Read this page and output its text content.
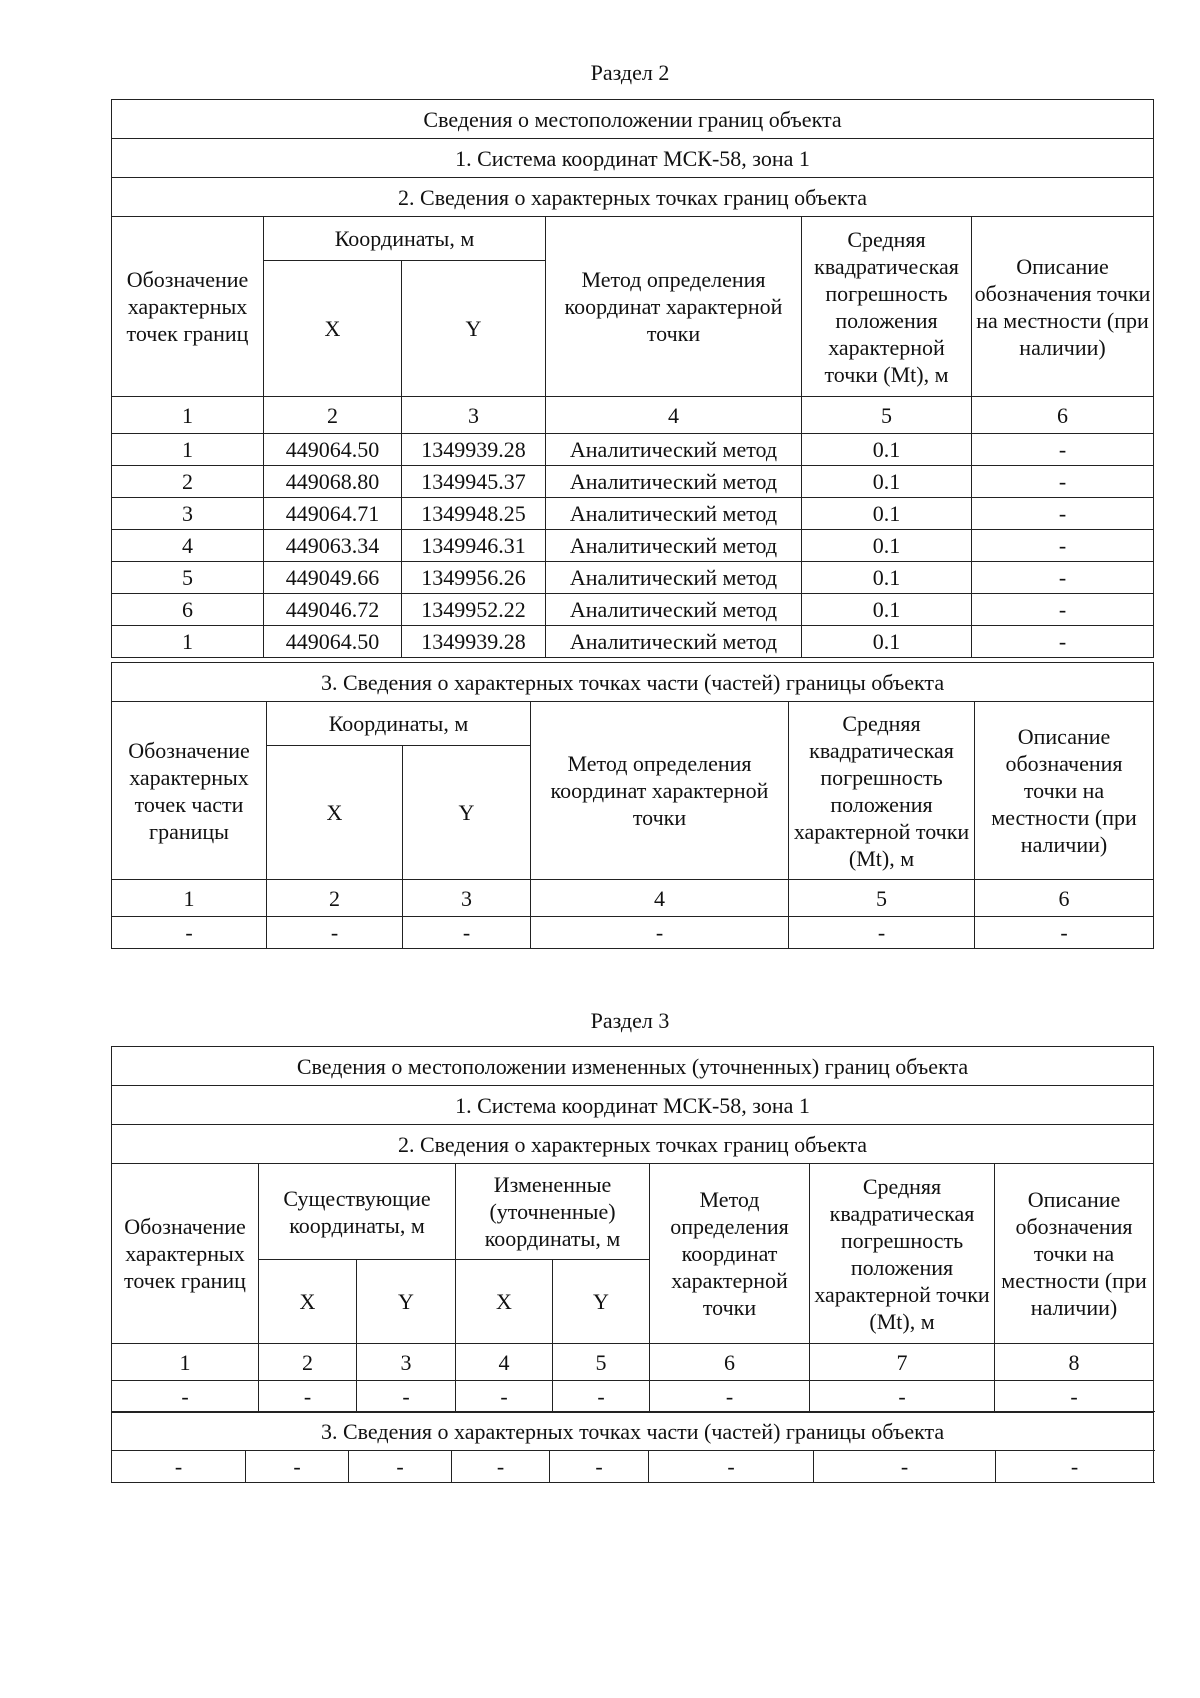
Раздел 2
Сведения о местоположении границ объекта					
1. Система координат МСК-58, зона 1					
2. Сведения о характерных точках границ объекта					
Обозначение характерных точек границ	Координаты, м		Метод определения координат характерной точки	Средняя квадратическая погрешность положения характерной точки (Mt), м	Описание обозначения точки на местности (при наличии)
	X	Y			
1	2	3	4	5	6
1	449064.50	1349939.28	Аналитический метод	0.1	-
2	449068.80	1349945.37	Аналитический метод	0.1	-
3	449064.71	1349948.25	Аналитический метод	0.1	-
4	449063.34	1349946.31	Аналитический метод	0.1	-
5	449049.66	1349956.26	Аналитический метод	0.1	-
6	449046.72	1349952.22	Аналитический метод	0.1	-
1	449064.50	1349939.28	Аналитический метод	0.1	-
3. Сведения о характерных точках части (частей) границы объекта					
Обозначение характерных точек части границы	Координаты, м		Метод определения координат характерной точки	Средняя квадратическая погрешность положения характерной точки (Mt), м	Описание обозначения точки на местности (при наличии)
	X	Y			
1	2	3	4	5	6
-	-	-	-	-	-
Раздел 3
Сведения о местоположении измененных (уточненных) границ объекта							
1. Система координат МСК-58, зона 1							
2. Сведения о характерных точках границ объекта							
Обозначение характерных точек границ	Существующие координаты, м		Измененные (уточненные) координаты, м		Метод определения координат характерной точки	Средняя квадратическая погрешность положения характерной точки (Mt), м	Описание обозначения точки на местности (при наличии)
	X	Y	X	Y			
1	2	3	4	5	6	7	8
-	-	-	-	-	-	-	-
3. Сведения о характерных точках части (частей) границы объекта
-	-	-	-	-	-	-	-
